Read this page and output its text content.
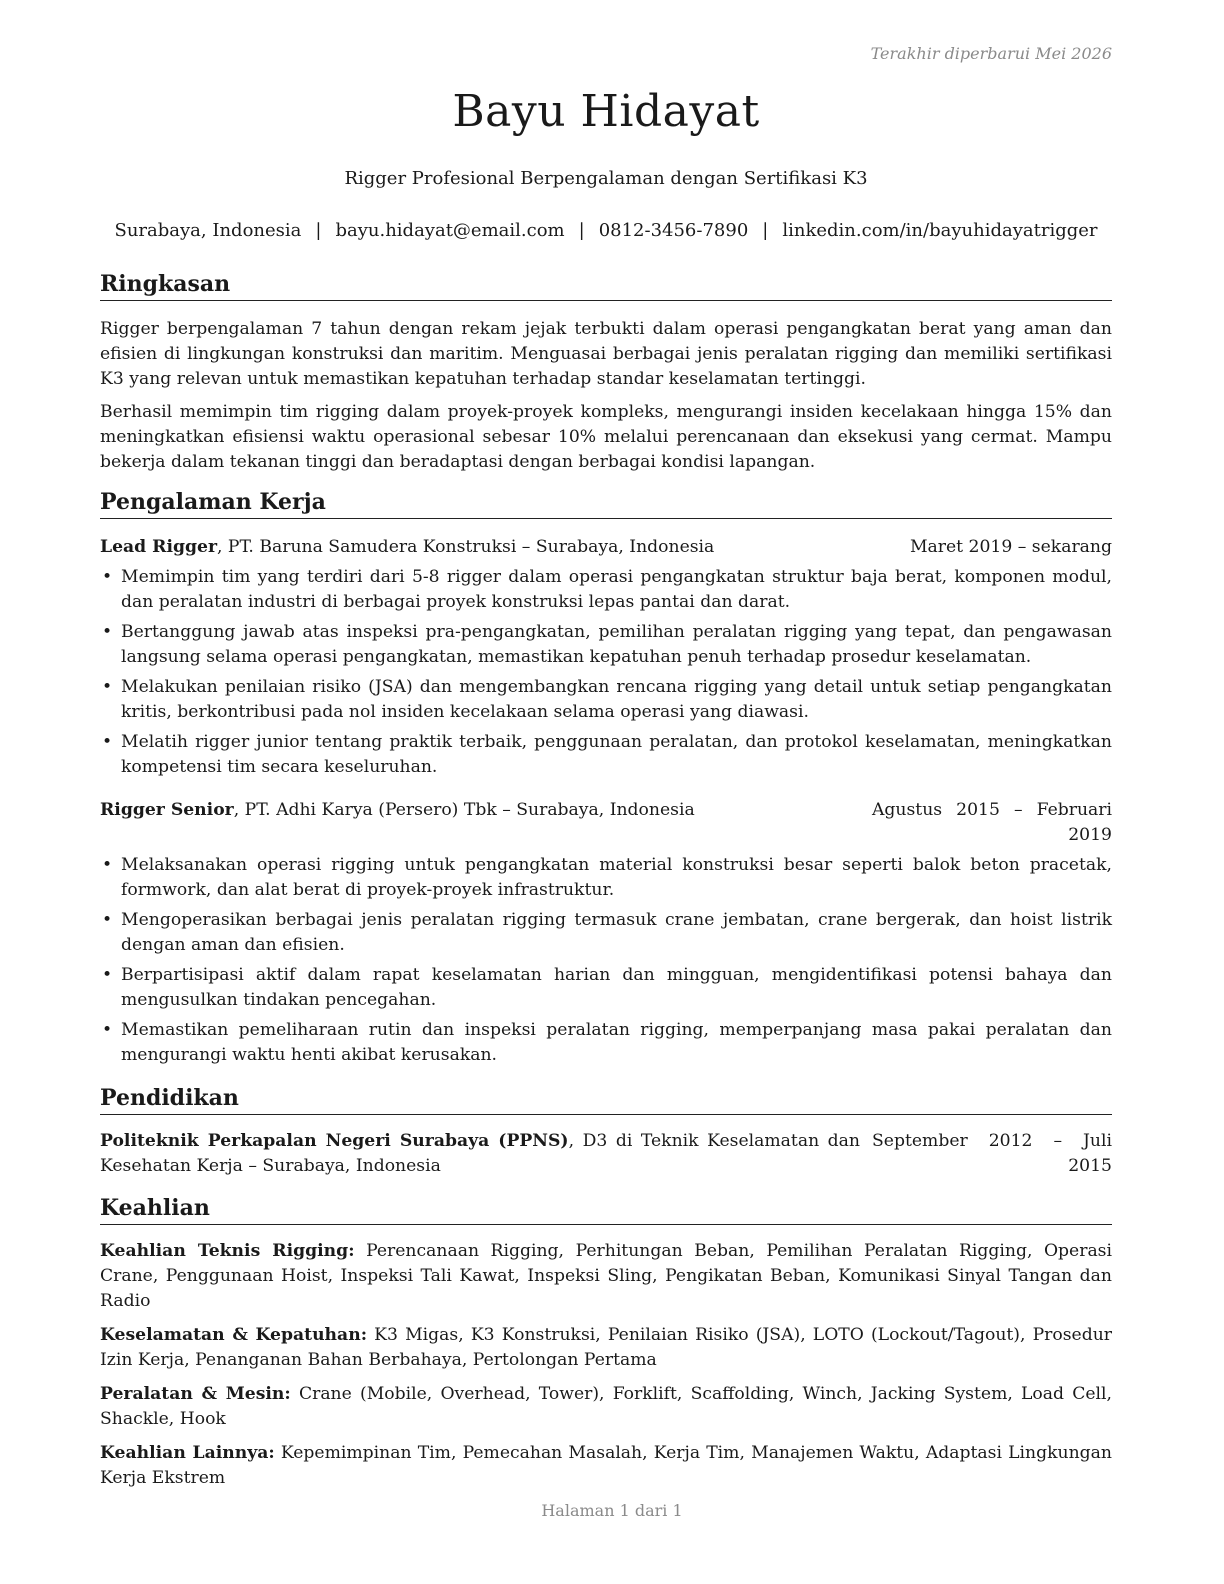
Terakhir diperbarui Mei 2026
Bayu Hidayat
Rigger Profesional Berpengalaman dengan Sertifikasi K3
Surabaya, Indonesia | bayu.hidayat@email.com | 0812-3456-7890 | linkedin.com/in/bayuhidayatrigger
Ringkasan

Rigger berpengalaman 7 tahun dengan rekam jejak terbukti dalam operasi pengangkatan berat yang aman dan efisien di lingkungan konstruksi dan maritim. Menguasai berbagai jenis peralatan rigging dan memiliki sertifikasi K3 yang relevan untuk memastikan kepatuhan terhadap standar keselamatan tertinggi.

Berhasil memimpin tim rigging dalam proyek-proyek kompleks, mengurangi insiden kecelakaan hingga 15% dan meningkatkan efisiensi waktu operasional sebesar 10% melalui perencanaan dan eksekusi yang cermat. Mampu bekerja dalam tekanan tinggi dan beradaptasi dengan berbagai kondisi lapangan.

Pengalaman Kerja
Lead Rigger, PT. Baruna Samudera Konstruksi – Surabaya, Indonesia	Maret 2019 – sekarang
• Memimpin tim yang terdiri dari 5-8 rigger dalam operasi pengangkatan struktur baja berat, komponen modul, dan peralatan industri di berbagai proyek konstruksi lepas pantai dan darat.
• Bertanggung jawab atas inspeksi pra-pengangkatan, pemilihan peralatan rigging yang tepat, dan pengawasan langsung selama operasi pengangkatan, memastikan kepatuhan penuh terhadap prosedur keselamatan.
• Melakukan penilaian risiko (JSA) dan mengembangkan rencana rigging yang detail untuk setiap pengangkatan kritis, berkontribusi pada nol insiden kecelakaan selama operasi yang diawasi.
• Melatih rigger junior tentang praktik terbaik, penggunaan peralatan, dan protokol keselamatan, meningkatkan kompetensi tim secara keseluruhan.
Rigger Senior, PT. Adhi Karya (Persero) Tbk – Surabaya, Indonesia	Agustus 2015 – Februari 2019
• Melaksanakan operasi rigging untuk pengangkatan material konstruksi besar seperti balok beton pracetak, formwork, dan alat berat di proyek-proyek infrastruktur.
• Mengoperasikan berbagai jenis peralatan rigging termasuk crane jembatan, crane bergerak, dan hoist listrik dengan aman dan efisien.
• Berpartisipasi aktif dalam rapat keselamatan harian dan mingguan, mengidentifikasi potensi bahaya dan mengusulkan tindakan pencegahan.
• Memastikan pemeliharaan rutin dan inspeksi peralatan rigging, memperpanjang masa pakai peralatan dan mengurangi waktu henti akibat kerusakan.
Pendidikan
Politeknik Perkapalan Negeri Surabaya (PPNS), D3 di Teknik Keselamatan dan Kesehatan Kerja – Surabaya, Indonesia
September 2012 – Juli 2015
Keahlian

Keahlian Teknis Rigging: Perencanaan Rigging, Perhitungan Beban, Pemilihan Peralatan Rigging, Operasi Crane, Penggunaan Hoist, Inspeksi Tali Kawat, Inspeksi Sling, Pengikatan Beban, Komunikasi Sinyal Tangan dan Radio

Keselamatan & Kepatuhan: K3 Migas, K3 Konstruksi, Penilaian Risiko (JSA), LOTO (Lockout/Tagout), Prosedur Izin Kerja, Penanganan Bahan Berbahaya, Pertolongan Pertama

Peralatan & Mesin: Crane (Mobile, Overhead, Tower), Forklift, Scaffolding, Winch, Jacking System, Load Cell, Shackle, Hook

Keahlian Lainnya: Kepemimpinan Tim, Pemecahan Masalah, Kerja Tim, Manajemen Waktu, Adaptasi Lingkungan Kerja Ekstrem

Halaman 1 dari 1
